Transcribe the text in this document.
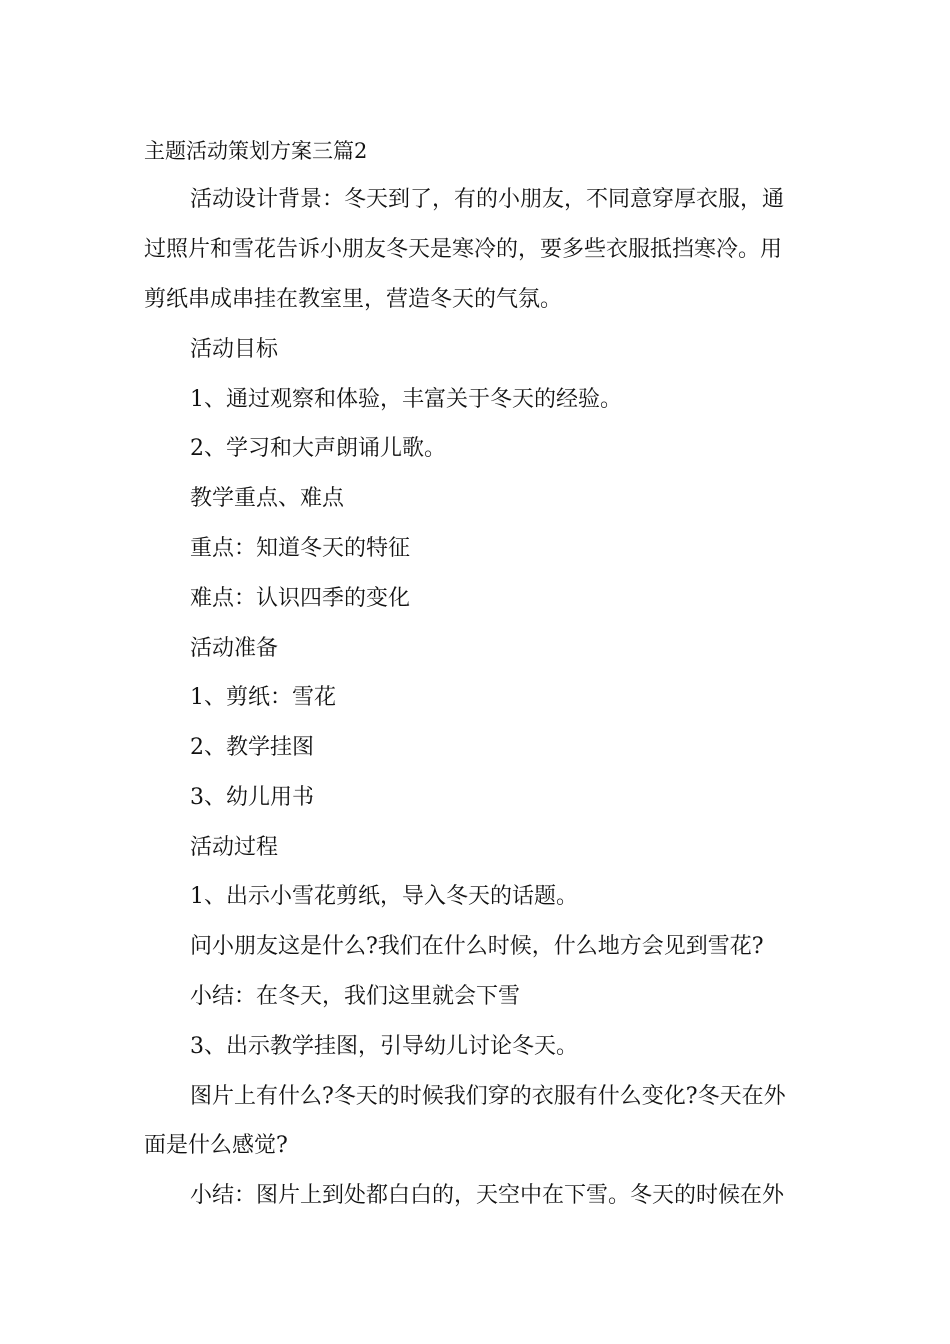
主题活动策划方案三篇2
活动设计背景：冬天到了，有的小朋友，不同意穿厚衣服，通
过照片和雪花告诉小朋友冬天是寒冷的，要多些衣服抵挡寒冷。用
剪纸串成串挂在教室里，营造冬天的气氛。
活动目标
1、通过观察和体验，丰富关于冬天的经验。
2、学习和大声朗诵儿歌。
教学重点、难点
重点：知道冬天的特征
难点：认识四季的变化
活动准备
1、剪纸：雪花
2、教学挂图
3、幼儿用书
活动过程
1、出示小雪花剪纸，导入冬天的话题。
问小朋友这是什么?我们在什么时候，什么地方会见到雪花?
小结：在冬天，我们这里就会下雪
3、出示教学挂图，引导幼儿讨论冬天。
图片上有什么?冬天的时候我们穿的衣服有什么变化?冬天在外
面是什么感觉?
小结：图片上到处都白白的，天空中在下雪。冬天的时候在外
